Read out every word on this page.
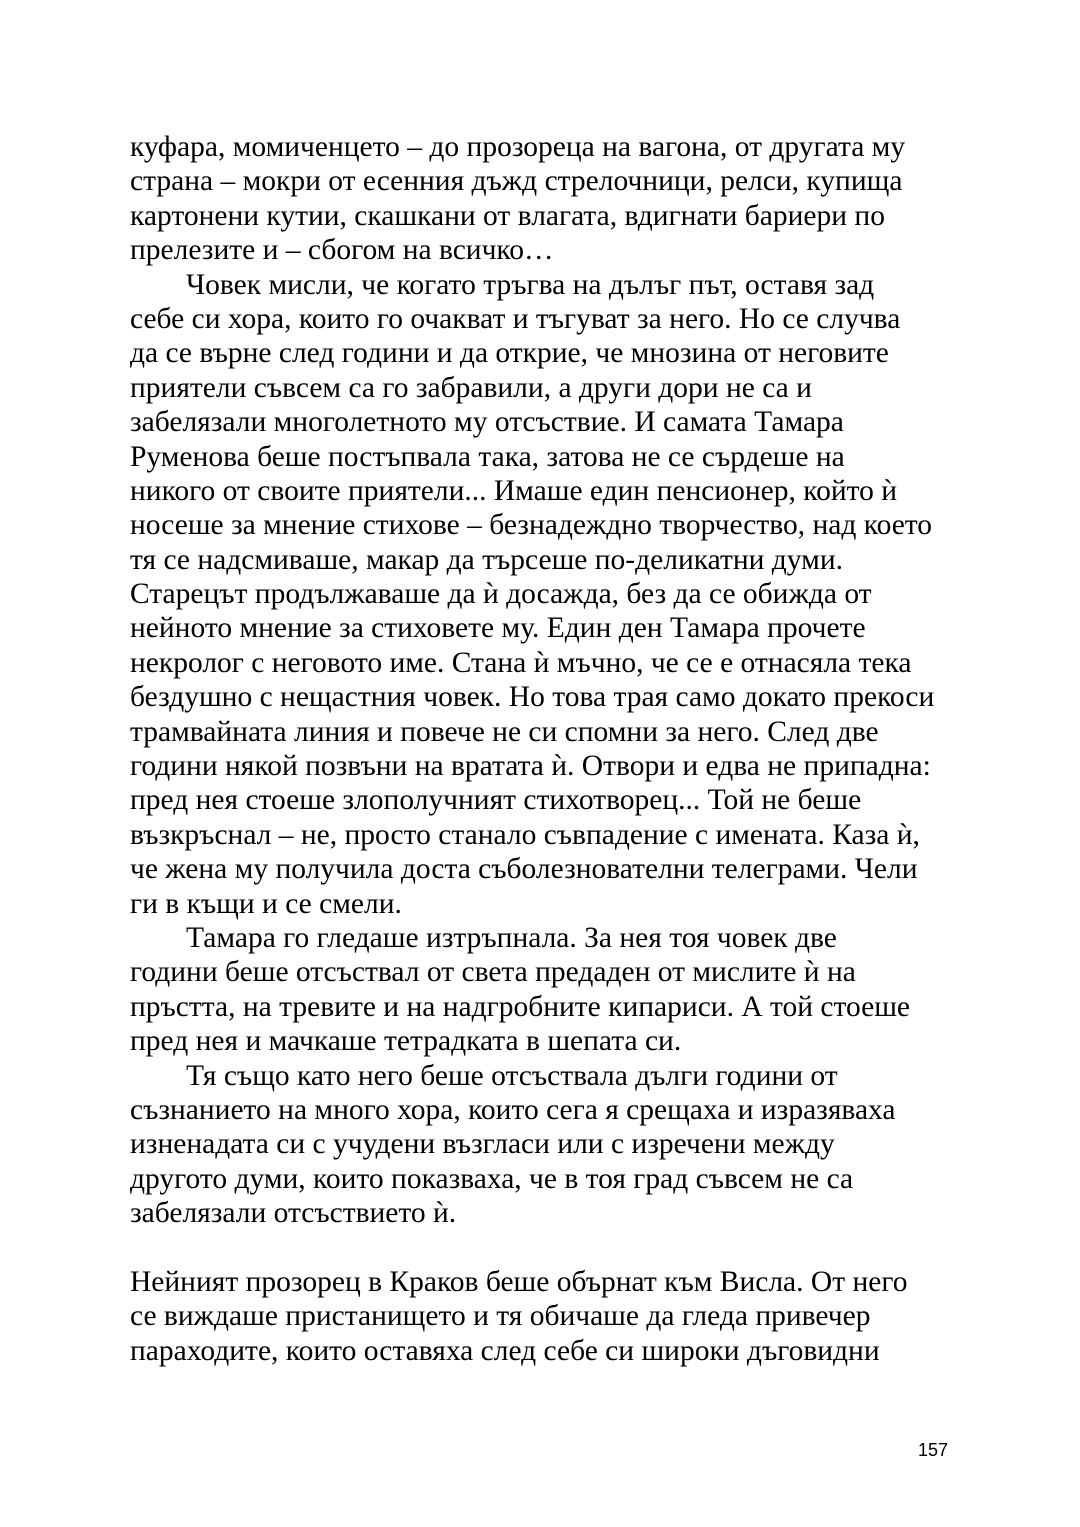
куфара, момиченцето – до прозореца на вагона, от другата му
страна – мокри от есенния дъжд стрелочници, релси, купища
картонени кутии, скашкани от влагата, вдигнати бариери по
прелезите и – сбогом на всичко…
Човек мисли, че когато тръгва на дълъг път, оставя зад
себе си хора, които го очакват и тъгуват за него. Но се случва
да се върне след години и да открие, че мнозина от неговите
приятели съвсем са го забравили, а други дори не са и
забелязали многолетното му отсъствие. И самата Тамара
Руменова беше постъпвала така, затова не се сърдеше на
никого от своите приятели... Имаше един пенсионер, който ѝ
носеше за мнение стихове – безнадеждно творчество, над което
тя се надсмиваше, макар да търсеше по-деликатни думи.
Старецът продължаваше да ѝ досажда, без да се обижда от
нейното мнение за стиховете му. Един ден Тамара прочете
некролог с неговото име. Стана ѝ мъчно, че се е отнасяла тека
бездушно с нещастния човек. Но това трая само докато прекоси
трамвайната линия и повече не си спомни за него. След две
години някой позвъни на вратата ѝ. Отвори и едва не припадна:
пред нея стоеше злополучният стихотворец... Той не беше
възкръснал – не, просто станало съвпадение с имената. Каза ѝ,
че жена му получила доста съболезнователни телеграми. Чели
ги в къщи и се смели.
Тамара го гледаше изтръпнала. За нея тоя човек две
години беше отсъствал от света предаден от мислите ѝ на
пръстта, на тревите и на надгробните кипариси. А той стоеше
пред нея и мачкаше тетрадката в шепата си.
Тя също като него беше отсъствала дълги години от
съзнанието на много хора, които сега я срещаха и изразяваха
изненадата си с учудени възгласи или с изречени между
другото думи, които показваха, че в тоя град съвсем не са
забелязали отсъствието ѝ.
Нейният прозорец в Краков беше обърнат към Висла. От него
се виждаше пристанището и тя обичаше да гледа привечер
параходите, които оставяха след себе си широки дъговидни
157
